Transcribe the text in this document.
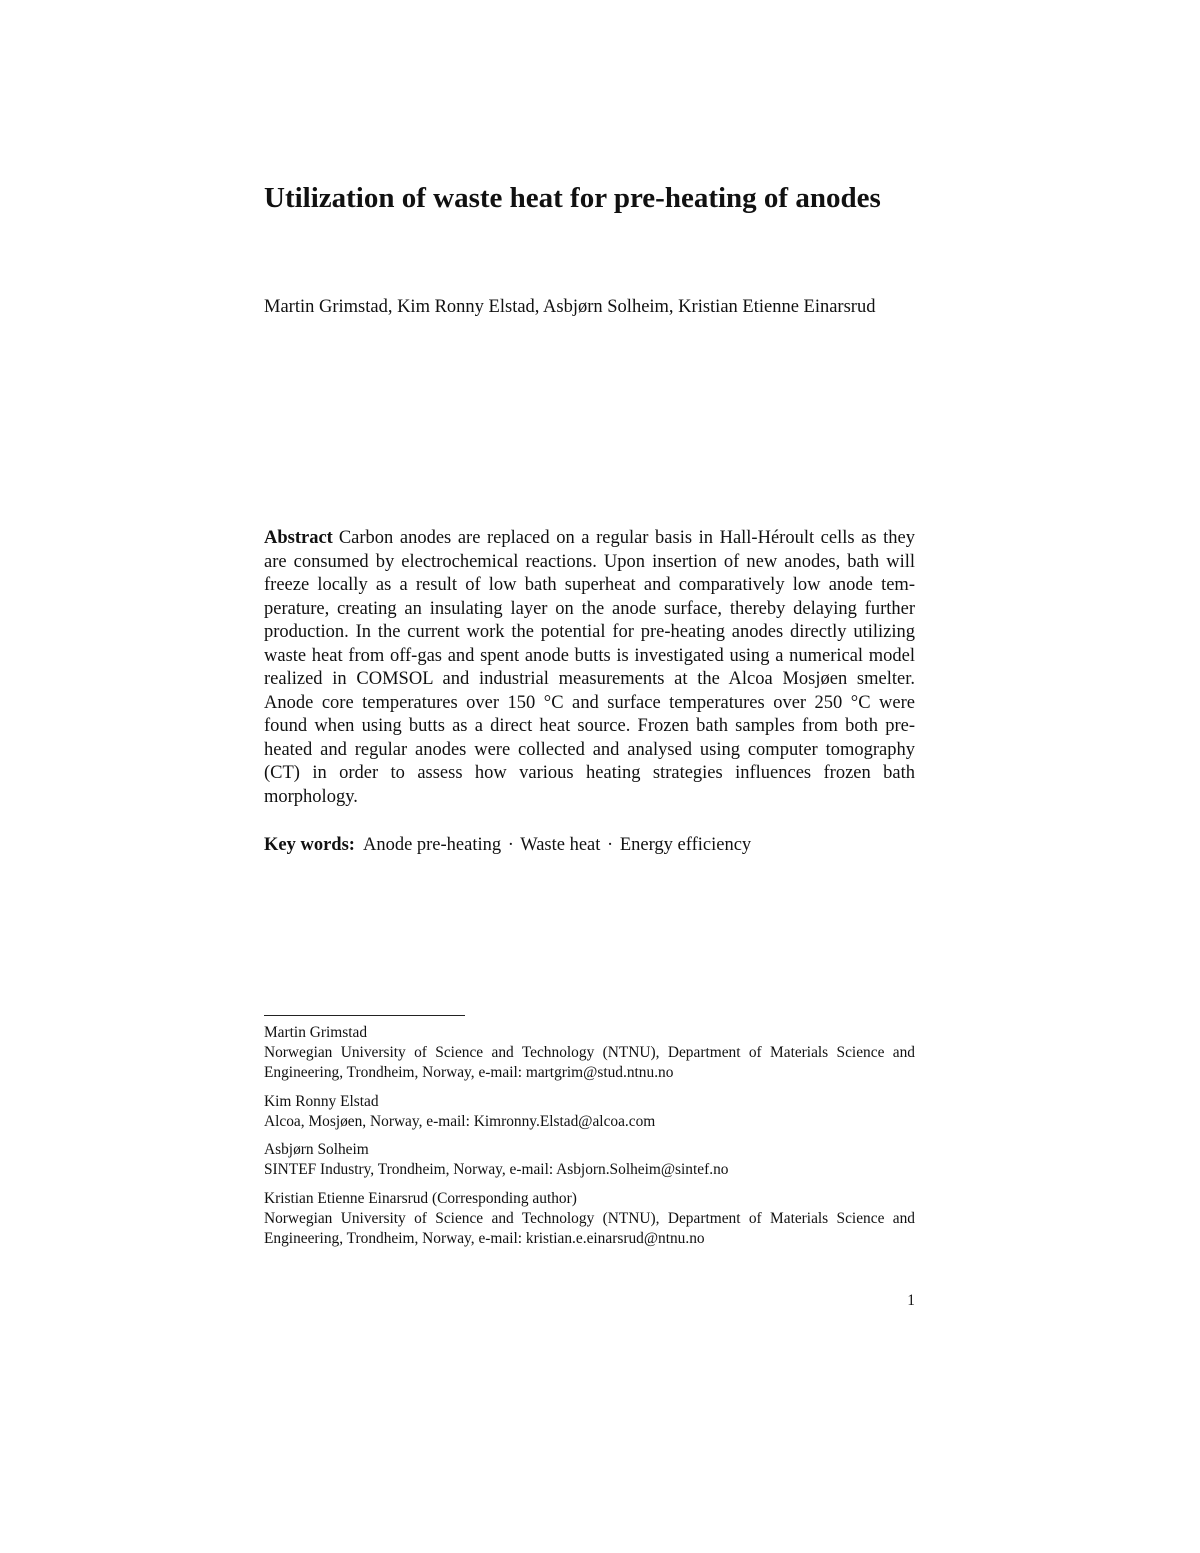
Utilization of waste heat for pre-heating of anodes

Martin Grimstad, Kim Ronny Elstad, Asbjørn Solheim, Kristian Etienne Einarsrud

Abstract Carbon anodes are replaced on a regular basis in Hall-Héroult cells as they are consumed by electrochemical reactions. Upon insertion of new anodes, bath will freeze locally as a result of low bath superheat and comparatively low anode temperature, creating an insulating layer on the anode surface, thereby delaying further production. In the current work the potential for pre-heating anodes directly utilizing waste heat from off-gas and spent anode butts is investigated using a numerical model realized in COMSOL and industrial measurements at the Alcoa Mosjøen smelter. Anode core temperatures over 150 °C and surface temperatures over 250 °C were found when using butts as a direct heat source. Frozen bath samples from both pre-heated and regular anodes were collected and analysed using computer tomography (CT) in order to assess how various heating strategies influences frozen bath morphology.

Key words: Anode pre-heating · Waste heat · Energy efficiency

Martin Grimstad
Norwegian University of Science and Technology (NTNU), Department of Materials Science and Engineering, Trondheim, Norway, e-mail: martgrim@stud.ntnu.no

Kim Ronny Elstad
Alcoa, Mosjøen, Norway, e-mail: Kimronny.Elstad@alcoa.com

Asbjørn Solheim
SINTEF Industry, Trondheim, Norway, e-mail: Asbjorn.Solheim@sintef.no

Kristian Etienne Einarsrud (Corresponding author)
Norwegian University of Science and Technology (NTNU), Department of Materials Science and Engineering, Trondheim, Norway, e-mail: kristian.e.einarsrud@ntnu.no

1
